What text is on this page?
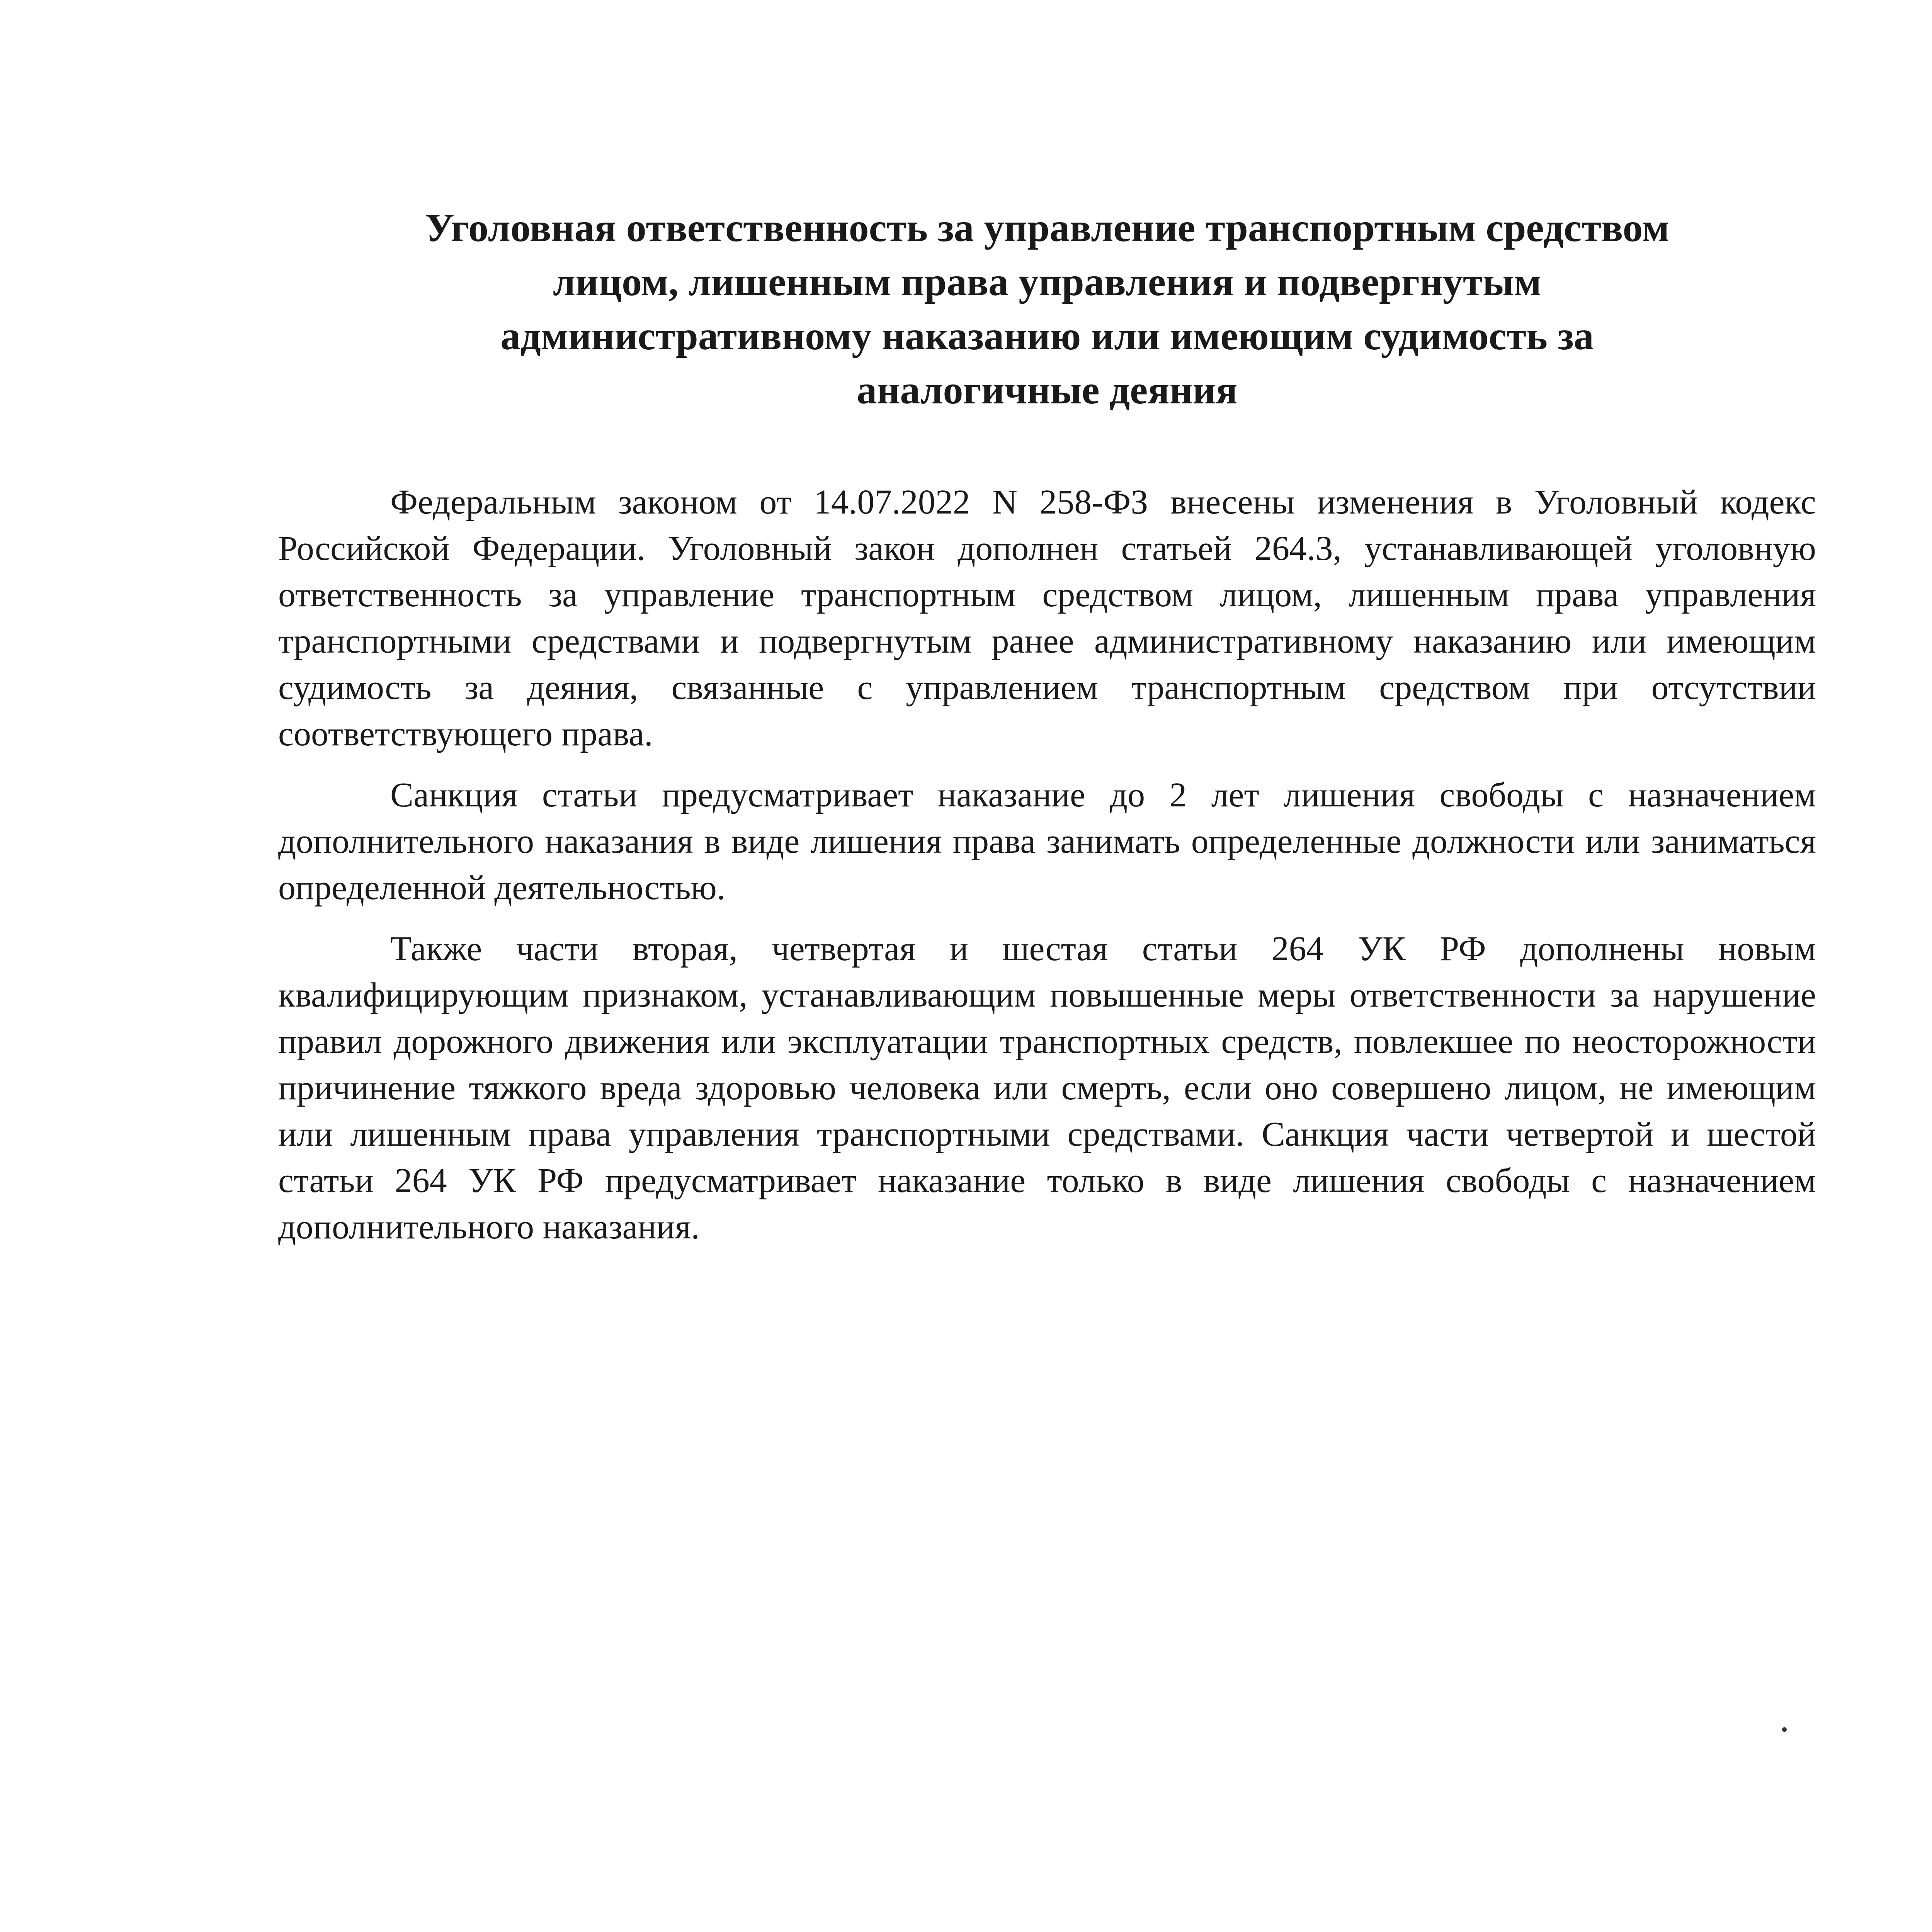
Уголовная ответственность за управление транспортным средством
лицом, лишенным права управления и подвергнутым
административному наказанию или имеющим судимость за
аналогичные деяния

Федеральным законом от 14.07.2022 N 258-ФЗ внесены изменения в Уголовный кодекс Российской Федерации. Уголовный закон дополнен статьей 264.3, устанавливающей уголовную ответственность за управление транспортным средством лицом, лишенным права управления транспортными средствами и подвергнутым ранее административному наказанию или имеющим судимость за деяния, связанные с управлением транспортным средством при отсутствии соответствующего права.

Санкция статьи предусматривает наказание до 2 лет лишения свободы с назначением дополнительного наказания в виде лишения права занимать определенные должности или заниматься определенной деятельностью.

Также части вторая, четвертая и шестая статьи 264 УК РФ дополнены новым квалифицирующим признаком, устанавливающим повышенные меры ответственности за нарушение правил дорожного движения или эксплуатации транспортных средств, повлекшее по неосторожности причинение тяжкого вреда здоровью человека или смерть, если оно совершено лицом, не имеющим или лишенным права управления транспортными средствами. Санкция части четвертой и шестой статьи 264 УК РФ предусматривает наказание только в виде лишения свободы с назначением дополнительного наказания.
